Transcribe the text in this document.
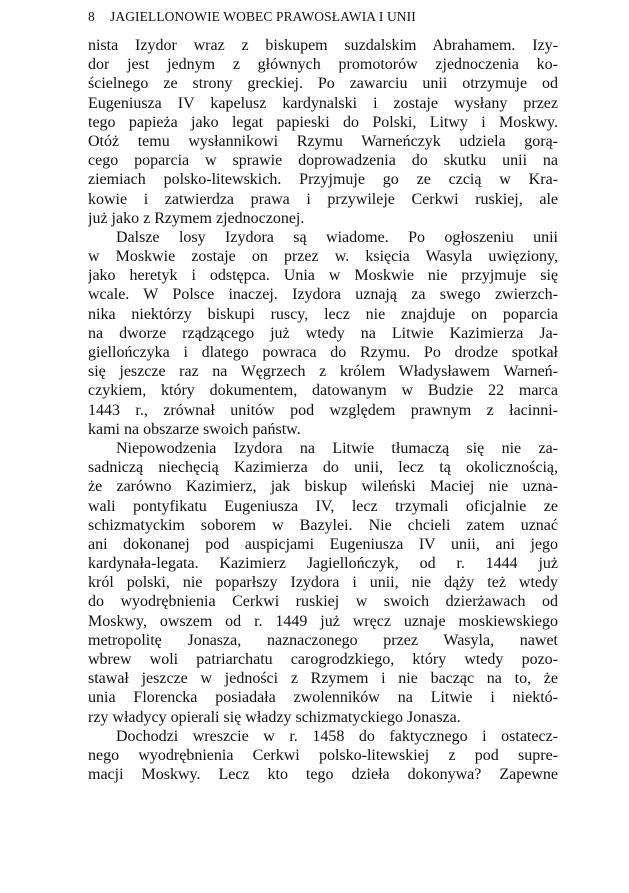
8 JAGIELLONOWIE WOBEC PRAWOSŁAWIA I UNII
nista Izydor wraz z biskupem suzdalskim Abrahamem. Izy-
dor jest jednym z głównych promotorów zjednoczenia ko-
ścielnego ze strony greckiej. Po zawarciu unii otrzymuje od
Eugeniusza IV kapelusz kardynalski i zostaje wysłany przez
tego papieża jako legat papieski do Polski, Litwy i Moskwy.
Otóż temu wysłannikowi Rzymu Warneńczyk udziela gorą-
cego poparcia w sprawie doprowadzenia do skutku unii na
ziemiach polsko-litewskich. Przyjmuje go ze czcią w Kra-
kowie i zatwierdza prawa i przywileje Cerkwi ruskiej, ale
już jako z Rzymem zjednoczonej.
Dalsze losy Izydora są wiadome. Po ogłoszeniu unii
w Moskwie zostaje on przez w. księcia Wasyla uwięziony,
jako heretyk i odstępca. Unia w Moskwie nie przyjmuje się
wcale. W Polsce inaczej. Izydora uznają za swego zwierzch-
nika niektórzy biskupi ruscy, lecz nie znajduje on poparcia
na dworze rządzącego już wtedy na Litwie Kazimierza Ja-
giellończyka i dlatego powraca do Rzymu. Po drodze spotkał
się jeszcze raz na Węgrzech z królem Władysławem Warneń-
czykiem, który dokumentem, datowanym w Budzie 22 marca
1443 r., zrównał unitów pod względem prawnym z łacinni-
kami na obszarze swoich państw.
Niepowodzenia Izydora na Litwie tłumaczą się nie za-
sadniczą niechęcią Kazimierza do unii, lecz tą okolicznością,
że zarówno Kazimierz, jak biskup wileński Maciej nie uzna-
wali pontyfikatu Eugeniusza IV, lecz trzymali oficjalnie ze
schizmatyckim soborem w Bazylei. Nie chcieli zatem uznać
ani dokonanej pod auspicjami Eugeniusza IV unii, ani jego
kardynała-legata. Kazimierz Jagiellończyk, od r. 1444 już
król polski, nie poparłszy Izydora i unii, nie dąży też wtedy
do wyodrębnienia Cerkwi ruskiej w swoich dzierżawach od
Moskwy, owszem od r. 1449 już wręcz uznaje moskiewskiego
metropolitę Jonasza, naznaczonego przez Wasyla, nawet
wbrew woli patriarchatu carogrodzkiego, który wtedy pozo-
stawał jeszcze w jedności z Rzymem i nie bacząc na to, że
unia Florencka posiadała zwolenników na Litwie i niektó-
rzy władycy opierali się władzy schizmatyckiego Jonasza.
Dochodzi wreszcie w r. 1458 do faktycznego i ostatecz-
nego wyodrębnienia Cerkwi polsko-litewskiej z pod supre-
macji Moskwy. Lecz kto tego dzieła dokonywa? Zapewne
